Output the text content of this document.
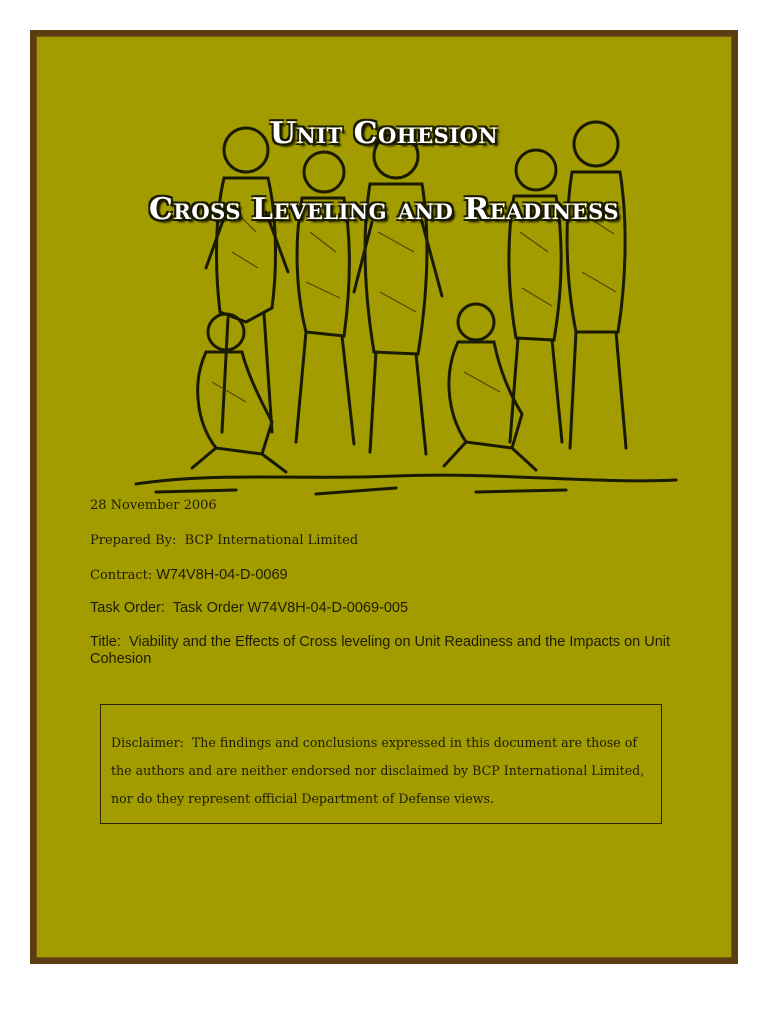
Unit Cohesion
Cross Leveling and Readiness
28 November 2006
Prepared By: BCP International Limited
Contract: W74V8H-04-D-0069
Task Order: Task Order W74V8H-04-D-0069-005
Title: Viability and the Effects of Cross leveling on Unit Readiness and the Impacts on Unit Cohesion
Disclaimer: The findings and conclusions expressed in this document are those of the authors and are neither endorsed nor disclaimed by BCP International Limited, nor do they represent official Department of Defense views.
